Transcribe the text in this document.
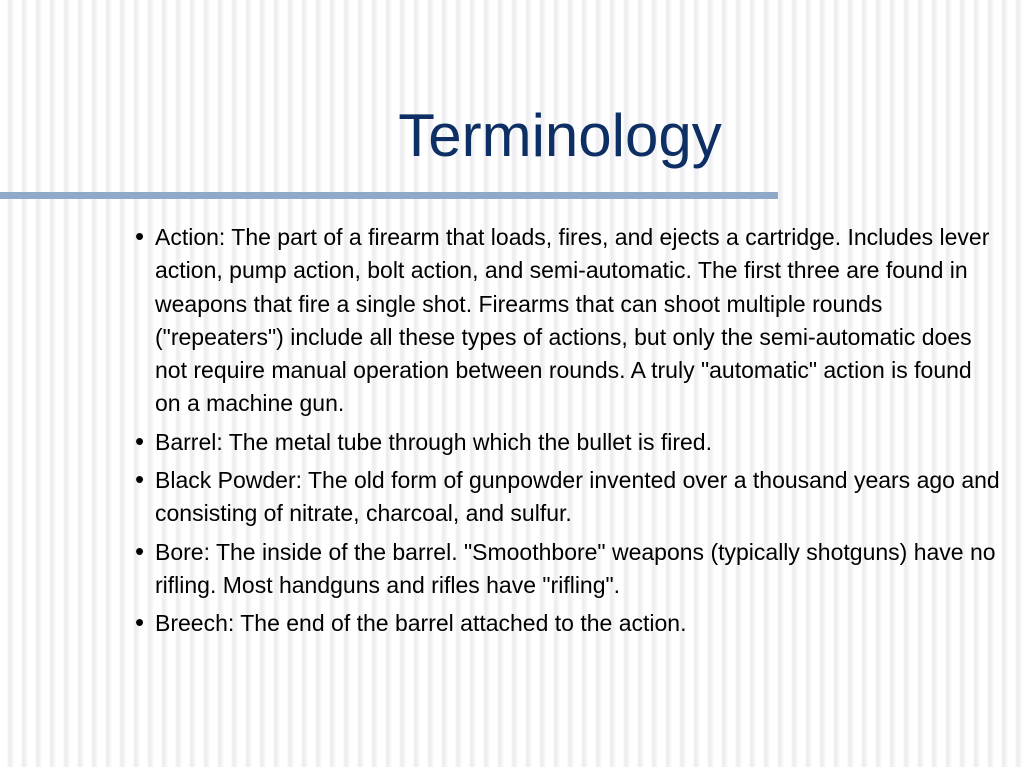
Terminology
• Action: The part of a firearm that loads, fires, and ejects a cartridge. Includes lever action, pump action, bolt action, and semi-automatic. The first three are found in weapons that fire a single shot. Firearms that can shoot multiple rounds ("repeaters") include all these types of actions, but only the semi-automatic does not require manual operation between rounds. A truly "automatic" action is found on a machine gun.
• Barrel: The metal tube through which the bullet is fired.
• Black Powder: The old form of gunpowder invented over a thousand years ago and consisting of nitrate, charcoal, and sulfur.
• Bore: The inside of the barrel. "Smoothbore" weapons (typically shotguns) have no rifling. Most handguns and rifles have "rifling".
• Breech: The end of the barrel attached to the action.
